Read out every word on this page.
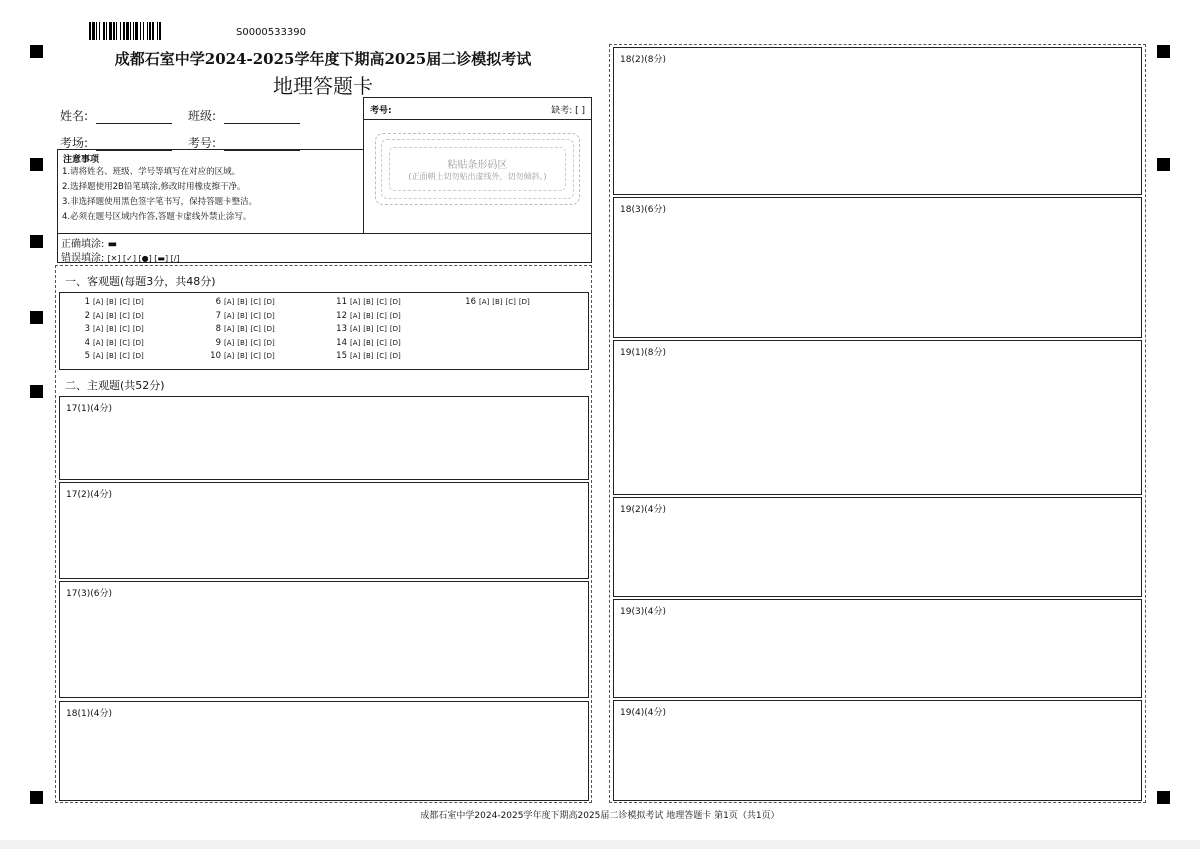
S0000533390
成都石室中学2024-2025学年度下期高2025届二诊模拟考试
地理答题卡
姓名:	班级:
考场:	考号:
考号:	缺考: [ ]
粘贴条形码区
(正面朝上切勿贴出虚线外，切勿倾斜。)
注意事项
1.请将姓名、班级、学号等填写在对应的区域。
2.选择题使用2B铅笔填涂,修改时用橡皮擦干净。
3.非选择题使用黑色签字笔书写，保持答题卡整洁。
4.必须在题号区域内作答,答题卡虚线外禁止涂写。
正确填涂: ▬
错误填涂: [✕] [✓] [●] [▬] [/]
一、客观题(每题3分，共48分)
1 [A] [B] [C] [D]
2 [A] [B] [C] [D]
3 [A] [B] [C] [D]
4 [A] [B] [C] [D]
5 [A] [B] [C] [D]
6 [A] [B] [C] [D]
7 [A] [B] [C] [D]
8 [A] [B] [C] [D]
9 [A] [B] [C] [D]
10 [A] [B] [C] [D]
11 [A] [B] [C] [D]
12 [A] [B] [C] [D]
13 [A] [B] [C] [D]
14 [A] [B] [C] [D]
15 [A] [B] [C] [D]
16 [A] [B] [C] [D]
二、主观题(共52分)
17(1)(4分)
17(2)(4分)
17(3)(6分)
18(1)(4分)
18(2)(8分)
18(3)(6分)
19(1)(8分)
19(2)(4分)
19(3)(4分)
19(4)(4分)
成都石室中学2024-2025学年度下期高2025届二诊模拟考试 地理答题卡 第1页（共1页）
